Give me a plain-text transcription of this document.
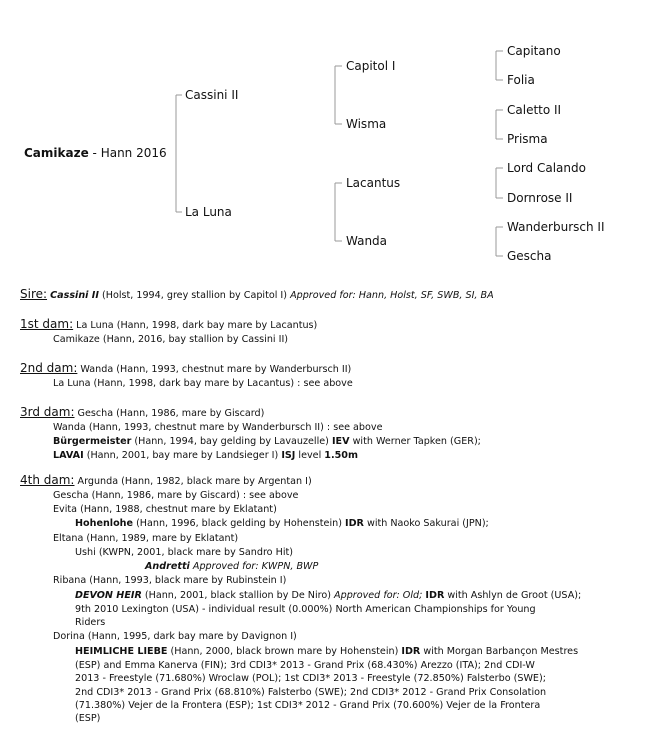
Camikaze - Hann 2016
Cassini II
La Luna
Capitol I
Wisma
Lacantus
Wanda
Capitano
Folia
Caletto II
Prisma
Lord Calando
Dornrose II
Wanderbursch II
Gescha
Sire: Cassini II (Holst, 1994, grey stallion by Capitol I) Approved for: Hann, Holst, SF, SWB, SI, BA
1st dam: La Luna (Hann, 1998, dark bay mare by Lacantus)
Camikaze (Hann, 2016, bay stallion by Cassini II)
2nd dam: Wanda (Hann, 1993, chestnut mare by Wanderbursch II)
La Luna (Hann, 1998, dark bay mare by Lacantus) : see above
3rd dam: Gescha (Hann, 1986, mare by Giscard)
Wanda (Hann, 1993, chestnut mare by Wanderbursch II) : see above
Bürgermeister (Hann, 1994, bay gelding by Lavauzelle) IEV with Werner Tapken (GER);
LAVAI (Hann, 2001, bay mare by Landsieger I) ISJ level 1.50m
4th dam: Argunda (Hann, 1982, black mare by Argentan I)
Gescha (Hann, 1986, mare by Giscard) : see above
Evita (Hann, 1988, chestnut mare by Eklatant)
Hohenlohe (Hann, 1996, black gelding by Hohenstein) IDR with Naoko Sakurai (JPN);
Eltana (Hann, 1989, mare by Eklatant)
Ushi (KWPN, 2001, black mare by Sandro Hit)
Andretti Approved for: KWPN, BWP
Ribana (Hann, 1993, black mare by Rubinstein I)
DEVON HEIR (Hann, 2001, black stallion by De Niro) Approved for: Old; IDR with Ashlyn de Groot (USA);
9th 2010 Lexington (USA) - individual result (0.000%) North American Championships for Young
Riders
Dorina (Hann, 1995, dark bay mare by Davignon I)
HEIMLICHE LIEBE (Hann, 2000, black brown mare by Hohenstein) IDR with Morgan Barbançon Mestres
(ESP) and Emma Kanerva (FIN); 3rd CDI3* 2013 - Grand Prix (68.430%) Arezzo (ITA); 2nd CDI-W
2013 - Freestyle (71.680%) Wroclaw (POL); 1st CDI3* 2013 - Freestyle (72.850%) Falsterbo (SWE);
2nd CDI3* 2013 - Grand Prix (68.810%) Falsterbo (SWE); 2nd CDI3* 2012 - Grand Prix Consolation
(71.380%) Vejer de la Frontera (ESP); 1st CDI3* 2012 - Grand Prix (70.600%) Vejer de la Frontera
(ESP)
